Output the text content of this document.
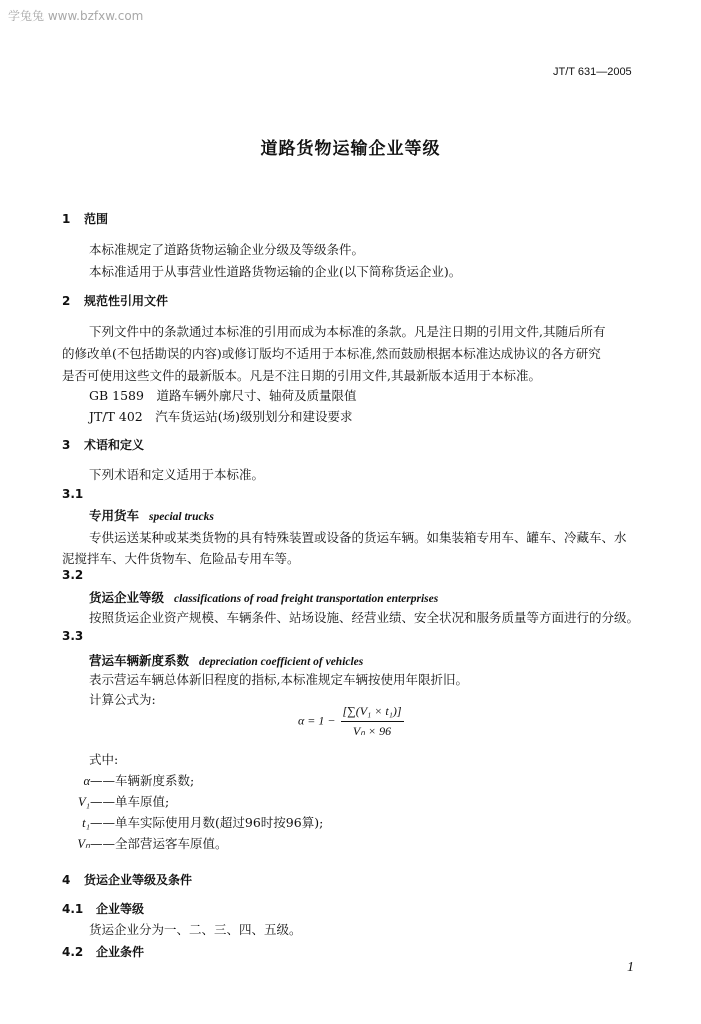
学兔兔 www.bzfxw.com
JT/T 631—2005
道路货物运输企业等级
1 范围
本标准规定了道路货物运输企业分级及等级条件。
本标准适用于从事营业性道路货物运输的企业(以下简称货运企业)。
2 规范性引用文件
下列文件中的条款通过本标准的引用而成为本标准的条款。凡是注日期的引用文件,其随后所有
的修改单(不包括勘误的内容)或修订版均不适用于本标准,然而鼓励根据本标准达成协议的各方研究
是否可使用这些文件的最新版本。凡是不注日期的引用文件,其最新版本适用于本标准。
GB 1589　道路车辆外廓尺寸、轴荷及质量限值
JT/T 402　汽车货运站(场)级别划分和建设要求
3 术语和定义
下列术语和定义适用于本标准。
3.1
专用货车 special trucks
专供运送某种或某类货物的具有特殊装置或设备的货运车辆。如集装箱专用车、罐车、冷藏车、水
泥搅拌车、大件货物车、危险品专用车等。
3.2
货运企业等级 classifications of road freight transportation enterprises
按照货运企业资产规模、车辆条件、站场设施、经营业绩、安全状况和服务质量等方面进行的分级。
3.3
营运车辆新度系数 depreciation coefficient of vehicles
表示营运车辆总体新旧程度的指标,本标准规定车辆按使用年限折旧。
计算公式为:
$\alpha = 1 - \frac{\text{[∑(V₁ × t₁)]}}{\text{Vₙ × 96}}$
式中:
α——车辆新度系数;
V₁——单车原值;
t₁——单车实际使用月数(超过96时按96算);
Vₙ——全部营运客车原值。
4 货运企业等级及条件
4.1 企业等级
货运企业分为一、二、三、四、五级。
4.2 企业条件
1
